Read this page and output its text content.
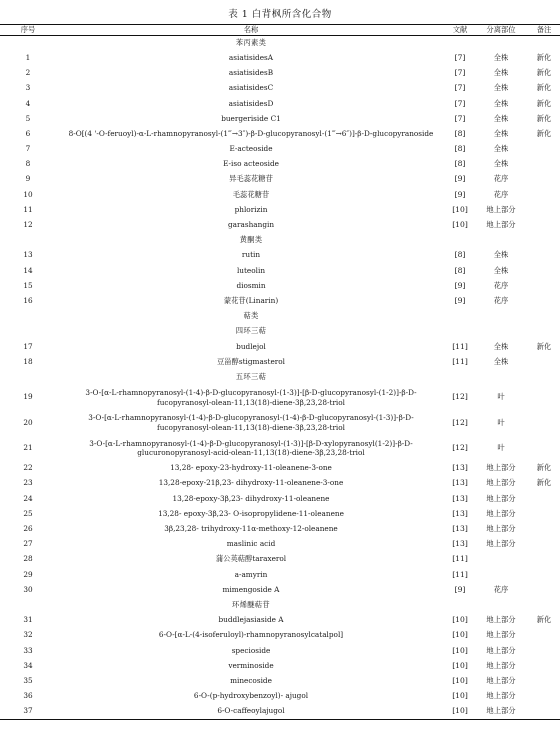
表 1 白背枫所含化合物
序号	名称	文献	分离部位	备注
	苯丙素类			
1	asiatisidesA	[7]	全株	新化
2	asiatisidesB	[7]	全株	新化
3	asiatisidesC	[7]	全株	新化
4	asiatisidesD	[7]	全株	新化
5	buergeriside C1	[7]	全株	新化
6	8-O[(4 '-O-feruoyl)-α-L-rhamnopyranosyl-(1‴→3″)-β-D-glucopyranosyl-(1‴→6″)]-β-D-glucopyranoside	[8]	全株	新化
7	E-acteoside	[8]	全株	
8	E-iso acteoside	[8]	全株	
9	异毛蕊花糖苷	[9]	花序	
10	毛蕊花糖苷	[9]	花序	
11	phlorizin	[10]	地上部分	
12	garashangin	[10]	地上部分	
	黄酮类			
13	rutin	[8]	全株	
14	luteolin	[8]	全株	
15	diosmin	[9]	花序	
16	蒙花苷(Linarin)	[9]	花序	
	萜类			
	四环三萜			
17	budlejol	[11]	全株	新化
18	豆甾醇stigmasterol	[11]	全株	
	五环三萜			
19	3-O-[α-L-rhamnopyranosyl-(1-4)-β-D-glucopyranosyl-(1-3)]-[β-D-glucopyranosyl-(1-2)]-β-D-fucopyranosyl-olean-11,13(18)-diene-3β,23,28-triol	[12]	叶	
20	3-O-[α-L-rhamnopyranosyl-(1-4)-β-D-glucopyranosyl-(1-4)-β-D-glucopyranosyl-(1-3)]-β-D-fucopyranosyl-olean-11,13(18)-diene-3β,23,28-triol	[12]	叶	
21	3-O-[α-L-rhamnopyranosyl-(1-4)-β-D-glucopyranosyl-(1-3)]-[β-D-xylopyranosyl(1-2)]-β-D-glucuronopyranosyl-acid-olean-11,13(18)-diene-3β,23,28-triol	[12]	叶	
22	13,28- epoxy-23-hydroxy-11-oleanene-3-one	[13]	地上部分	新化
23	13,28-epoxy-21β,23- dihydroxy-11-oleanene-3-one	[13]	地上部分	新化
24	13,28-epoxy-3β,23- dihydroxy-11-oleanene	[13]	地上部分	
25	13,28- epoxy-3β,23- O-isopropylidene-11-oleanene	[13]	地上部分	
26	3β,23,28- trihydroxy-11α-methoxy-12-oleanene	[13]	地上部分	
27	maslinic acid	[13]	地上部分	
28	蒲公英萜醇taraxerol	[11]		
29	a-amyrin	[11]		
30	mimengoside A	[9]	花序	
	环烯醚萜苷			
31	buddlejasiaside A	[10]	地上部分	新化
32	6-O-[α-L-(4-isoferuloyl)-rhamnopyranosylcatalpol]	[10]	地上部分	
33	specioside	[10]	地上部分	
34	verminoside	[10]	地上部分	
35	minecoside	[10]	地上部分	
36	6-O-(p-hydroxybenzoyl)- ajugol	[10]	地上部分	
37	6-O-caffeoylajugol	[10]	地上部分	
